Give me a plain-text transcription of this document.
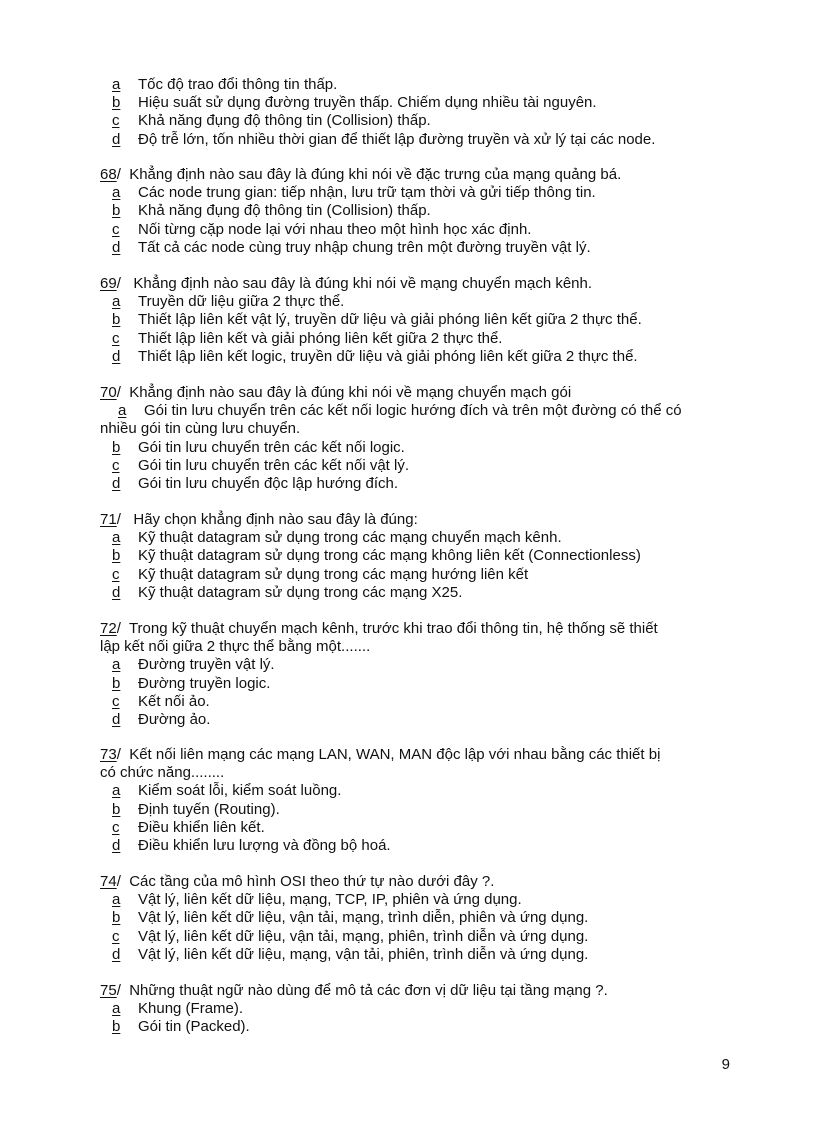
a Tốc độ trao đổi thông tin thấp.
b Hiệu suất sử dụng đường truyền thấp. Chiếm dụng nhiều tài nguyên.
c Khả năng đụng độ thông tin (Collision) thấp.
d Độ trễ lớn, tốn nhiều thời gian để thiết lập đường truyền và xử lý tại các node.
68/ Khẳng định nào sau đây là đúng khi nói về đặc trưng của mạng quảng bá.
a Các node trung gian: tiếp nhận, lưu trữ tạm thời và gửi tiếp thông tin.
b Khả năng đụng độ thông tin (Collision) thấp.
c Nối từng cặp node lại với nhau theo một hình học xác định.
d Tất cả các node cùng truy nhập chung trên một đường truyền vật lý.
69/ Khẳng định nào sau đây là đúng khi nói về mạng chuyển mạch kênh.
a Truyền dữ liệu giữa 2 thực thể.
b Thiết lập liên kết vật lý, truyền dữ liệu và giải phóng liên kết giữa 2 thực thể.
c Thiết lập liên kết và giải phóng liên kết giữa 2 thực thể.
d Thiết lập liên kết logic, truyền dữ liệu và giải phóng liên kết giữa 2 thực thể.
70/ Khẳng định nào sau đây là đúng khi nói về mạng chuyển mạch gói
a Gói tin lưu chuyển trên các kết nối logic hướng đích và trên một đường có thể có
nhiều gói tin cùng lưu chuyển.
b Gói tin lưu chuyển trên các kết nối logic.
c Gói tin lưu chuyển trên các kết nối vật lý.
d Gói tin lưu chuyển độc lập hướng đích.
71/ Hãy chọn khẳng định nào sau đây là đúng:
a Kỹ thuật datagram sử dụng trong các mạng chuyển mạch kênh.
b Kỹ thuật datagram sử dụng trong các mạng không liên kết (Connectionless)
c Kỹ thuật datagram sử dụng trong các mạng hướng liên kết
d Kỹ thuật datagram sử dụng trong các mạng X25.
72/ Trong kỹ thuật chuyển mạch kênh, trước khi trao đổi thông tin, hệ thống sẽ thiết
lập kết nối giữa 2 thực thể bằng một.......
a Đường truyền vật lý.
b Đường truyền logic.
c Kết nối ảo.
d Đường ảo.
73/ Kết nối liên mạng các mạng LAN, WAN, MAN độc lập với nhau bằng các thiết bị
có chức năng........
a Kiểm soát lỗi, kiểm soát luồng.
b Định tuyến (Routing).
c Điều khiển liên kết.
d Điều khiển lưu lượng và đồng bộ hoá.
74/ Các tầng của mô hình OSI theo thứ tự nào dưới đây ?.
a Vật lý, liên kết dữ liệu, mạng, TCP, IP, phiên và ứng dụng.
b Vật lý, liên kết dữ liệu, vận tải, mạng, trình diễn, phiên và ứng dụng.
c Vật lý, liên kết dữ liệu, vận tải, mạng, phiên, trình diễn và ứng dụng.
d Vật lý, liên kết dữ liệu, mạng, vận tải, phiên, trình diễn và ứng dụng.
75/ Những thuật ngữ nào dùng để mô tả các đơn vị dữ liệu tại tầng mạng ?.
a Khung (Frame).
b Gói tin (Packed).
9
